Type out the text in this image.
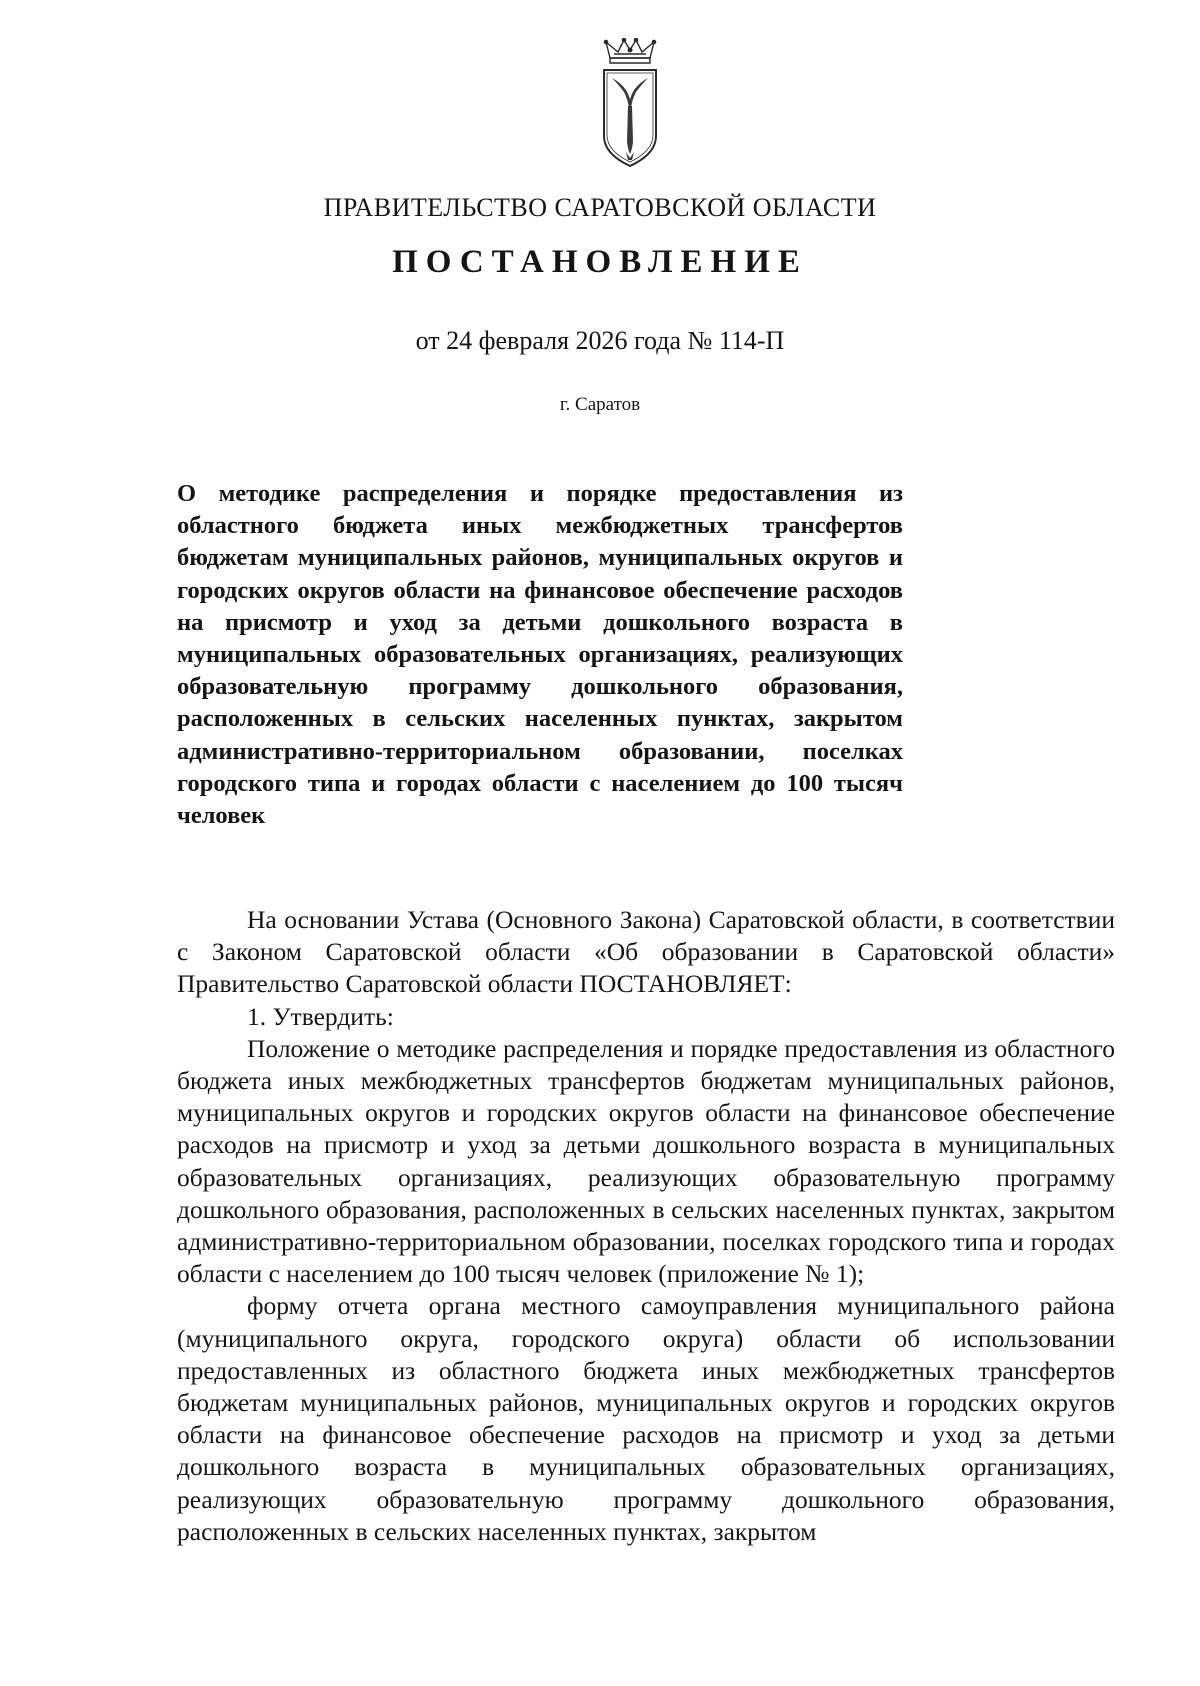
ПРАВИТЕЛЬСТВО САРАТОВСКОЙ ОБЛАСТИ
ПОСТАНОВЛЕНИЕ
от 24 февраля 2026 года № 114-П
г. Саратов

О методике распределения и порядке предоставления из областного бюджета иных межбюджетных трансфертов бюджетам муниципальных районов, муниципальных округов и городских округов области на финансовое обеспечение расходов на присмотр и уход за детьми дошкольного возраста в муниципальных образовательных организациях, реализующих образовательную программу дошкольного образования, расположенных в сельских населенных пунктах, закрытом административно-территориальном образовании, поселках городского типа и городах области с населением до 100 тысяч человек

На основании Устава (Основного Закона) Саратовской области, в соответствии с Законом Саратовской области «Об образовании в Саратовской области» Правительство Саратовской области ПОСТАНОВЛЯЕТ:

1. Утвердить:

Положение о методике распределения и порядке предоставления из областного бюджета иных межбюджетных трансфертов бюджетам муниципальных районов, муниципальных округов и городских округов области на финансовое обеспечение расходов на присмотр и уход за детьми дошкольного возраста в муниципальных образовательных организациях, реализующих образовательную программу дошкольного образования, расположенных в сельских населенных пунктах, закрытом административно-территориальном образовании, поселках городского типа и городах области с населением до 100 тысяч человек (приложение № 1);

форму отчета органа местного самоуправления муниципального района (муниципального округа, городского округа) области об использовании предоставленных из областного бюджета иных межбюджетных трансфертов бюджетам муниципальных районов, муниципальных округов и городских округов области на финансовое обеспечение расходов на присмотр и уход за детьми дошкольного возраста в муниципальных образовательных организациях, реализующих образовательную программу дошкольного образования, расположенных в сельских населенных пунктах, закрытом
